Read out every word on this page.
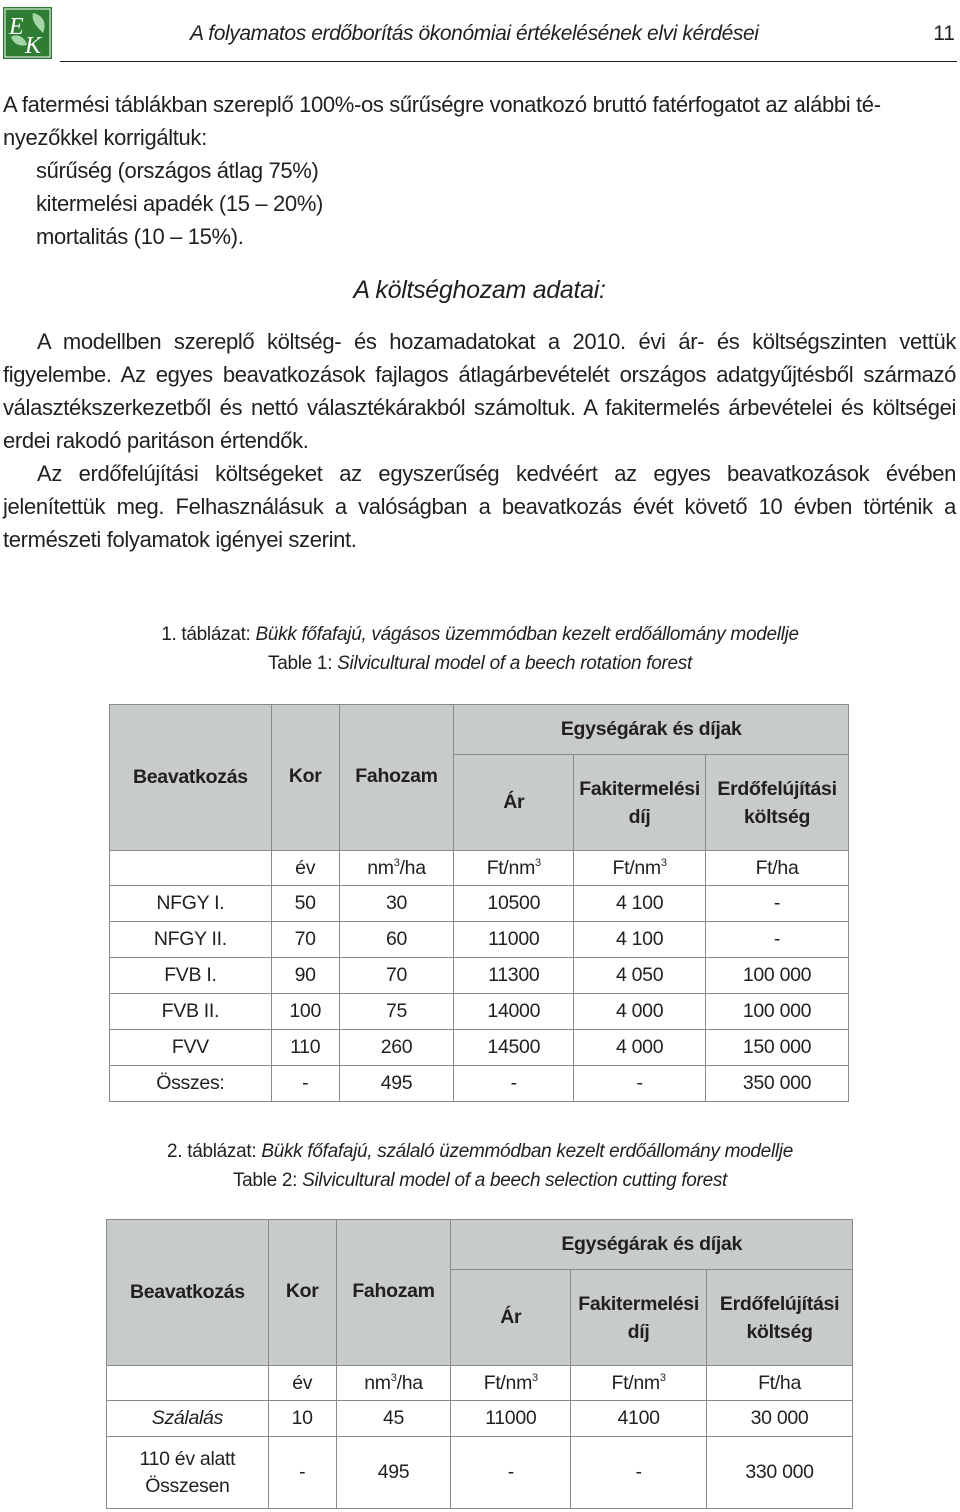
E
K	A folyamatos erdőborítás ökonómiai értékelésének elvi kérdései	11

A fatermési táblákban szereplő 100%-os sűrűségre vonatkozó bruttó fatérfogatot az alábbi té-

nyezőkkel korrigáltuk:

sűrűség (országos átlag 75%)

kitermelési apadék (15 – 20%)

mortalitás (10 – 15%).

A költséghozam adatai:

A modellben szereplő költség- és hozamadatokat a 2010. évi ár- és költségszinten vettük figyelembe. Az egyes beavatkozások fajlagos átlagárbevételét országos adatgyűjtésből származó választékszerkezetből és nettó választékárakból számoltuk. A fakitermelés árbevételei és költségei erdei rakodó paritáson értendők.

Az erdőfelújítási költségeket az egyszerűség kedvéért az egyes beavatkozások évében jelenítettük meg. Felhasználásuk a valóságban a beavatkozás évét követő 10 évben történik a természeti folyamatok igényei szerint.

1. táblázat: Bükk főfafajú, vágásos üzemmódban kezelt erdőállomány modellje
Table 1: Silvicultural model of a beech rotation forest
Beavatkozás	Kor	Fahozam	Egységárak és díjak		
			Ár	Fakitermelési díj	Erdőfelújítási költség
	év	$nm^3/ha$	$Ft/nm^3$	$Ft/nm^3$	Ft/ha
NFGY I.	50	30	10500	4 100	-
NFGY II.	70	60	11000	4 100	-
FVB I.	90	70	11300	4 050	100 000
FVB II.	100	75	14000	4 000	100 000
FVV	110	260	14500	4 000	150 000
Összes:	-	495	-	-	350 000
2. táblázat: Bükk főfafajú, szálaló üzemmódban kezelt erdőállomány modellje
Table 2: Silvicultural model of a beech selection cutting forest
Beavatkozás	Kor	Fahozam	Egységárak és díjak		
			Ár	Fakitermelési díj	Erdőfelújítási költség
	év	$nm^3/ha$	$Ft/nm^3$	$Ft/nm^3$	Ft/ha
Szálalás	10	45	11000	4100	30 000

110 év alatt
Összesen	-	495	-	-	330 000
